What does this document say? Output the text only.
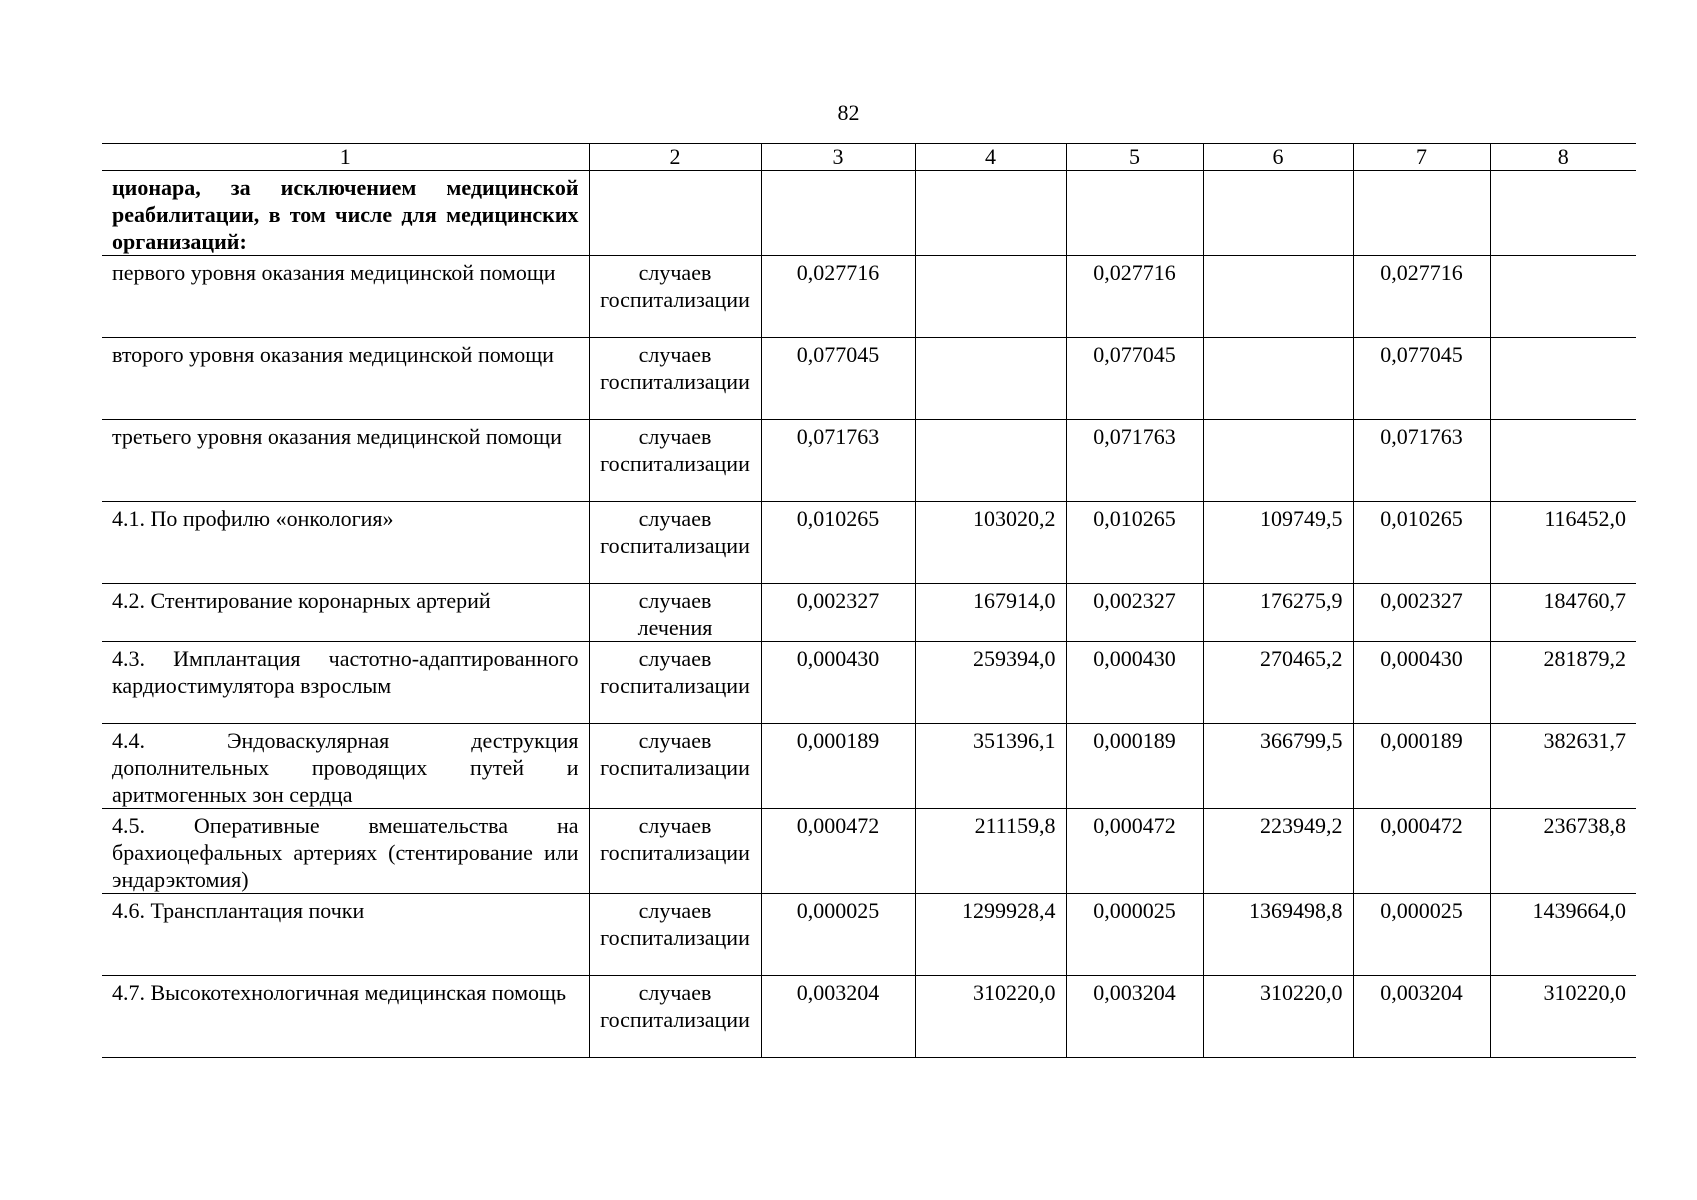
82
1	2	3	4	5	6	7	8
ционара, за исключением медицинской реабилитации, в том числе для медицинских организаций:							
первого уровня оказания медицинской помощи	случаев госпитализации	0,027716		0,027716		0,027716	
второго уровня оказания медицинской помощи	случаев госпитализации	0,077045		0,077045		0,077045	
третьего уровня оказания медицинской помощи	случаев госпитализации	0,071763		0,071763		0,071763	
4.1. По профилю «онкология»	случаев госпитализации	0,010265	103020,2	0,010265	109749,5	0,010265	116452,0
4.2. Стентирование коронарных артерий	случаев лечения	0,002327	167914,0	0,002327	176275,9	0,002327	184760,7
4.3. Имплантация частотно-адаптированного кардиостимулятора взрослым	случаев госпитализации	0,000430	259394,0	0,000430	270465,2	0,000430	281879,2
4.4. Эндоваскулярная деструкция дополнительных проводящих путей и аритмогенных зон сердца	случаев госпитализации	0,000189	351396,1	0,000189	366799,5	0,000189	382631,7
4.5. Оперативные вмешательства на брахиоцефальных артериях (стентирование или эндарэктомия)	случаев госпитализации	0,000472	211159,8	0,000472	223949,2	0,000472	236738,8
4.6. Трансплантация почки	случаев госпитализации	0,000025	1299928,4	0,000025	1369498,8	0,000025	1439664,0
4.7. Высокотехнологичная медицинская помощь	случаев госпитализации	0,003204	310220,0	0,003204	310220,0	0,003204	310220,0
